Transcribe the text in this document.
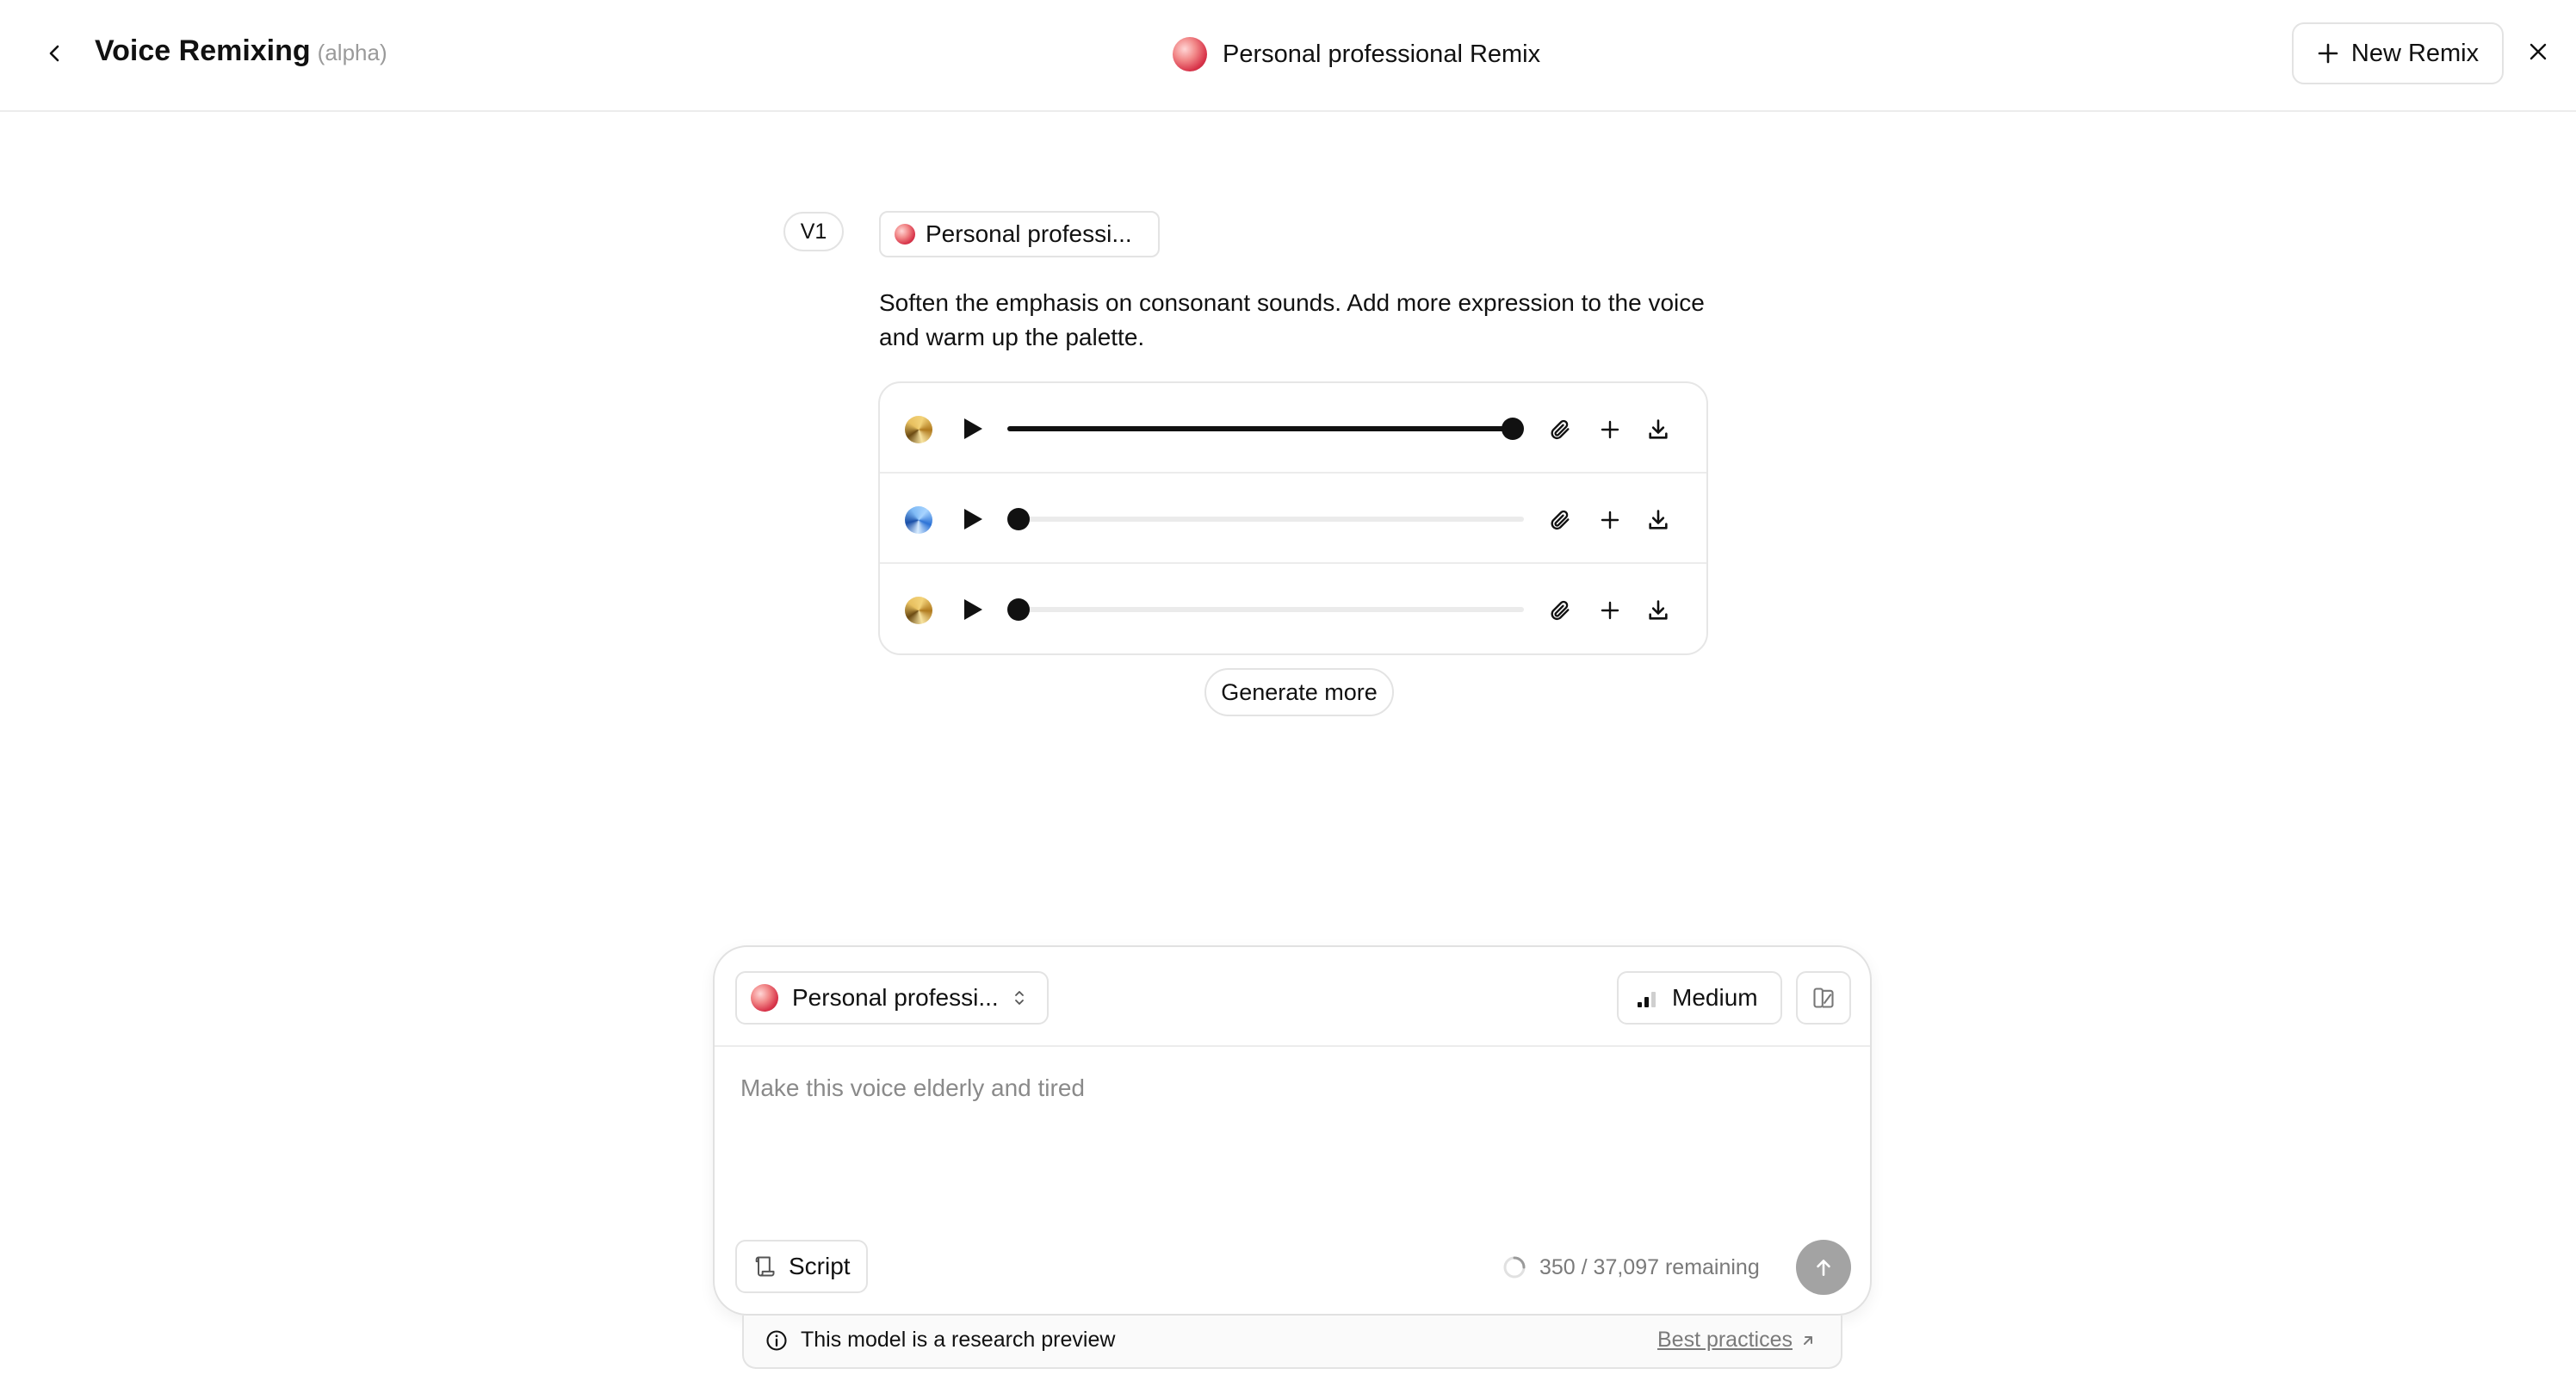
Voice Remixing (alpha)	Personal professional Remix	New Remix
V1	Personal professi...
Soften the emphasis on consonant sounds. Add more expression to the voice and warm up the palette.
Generate more
Personal professi...	Medium
Make this voice elderly and tired
Script	350 / 37,097 remaining
This model is a research preview	Best practices
